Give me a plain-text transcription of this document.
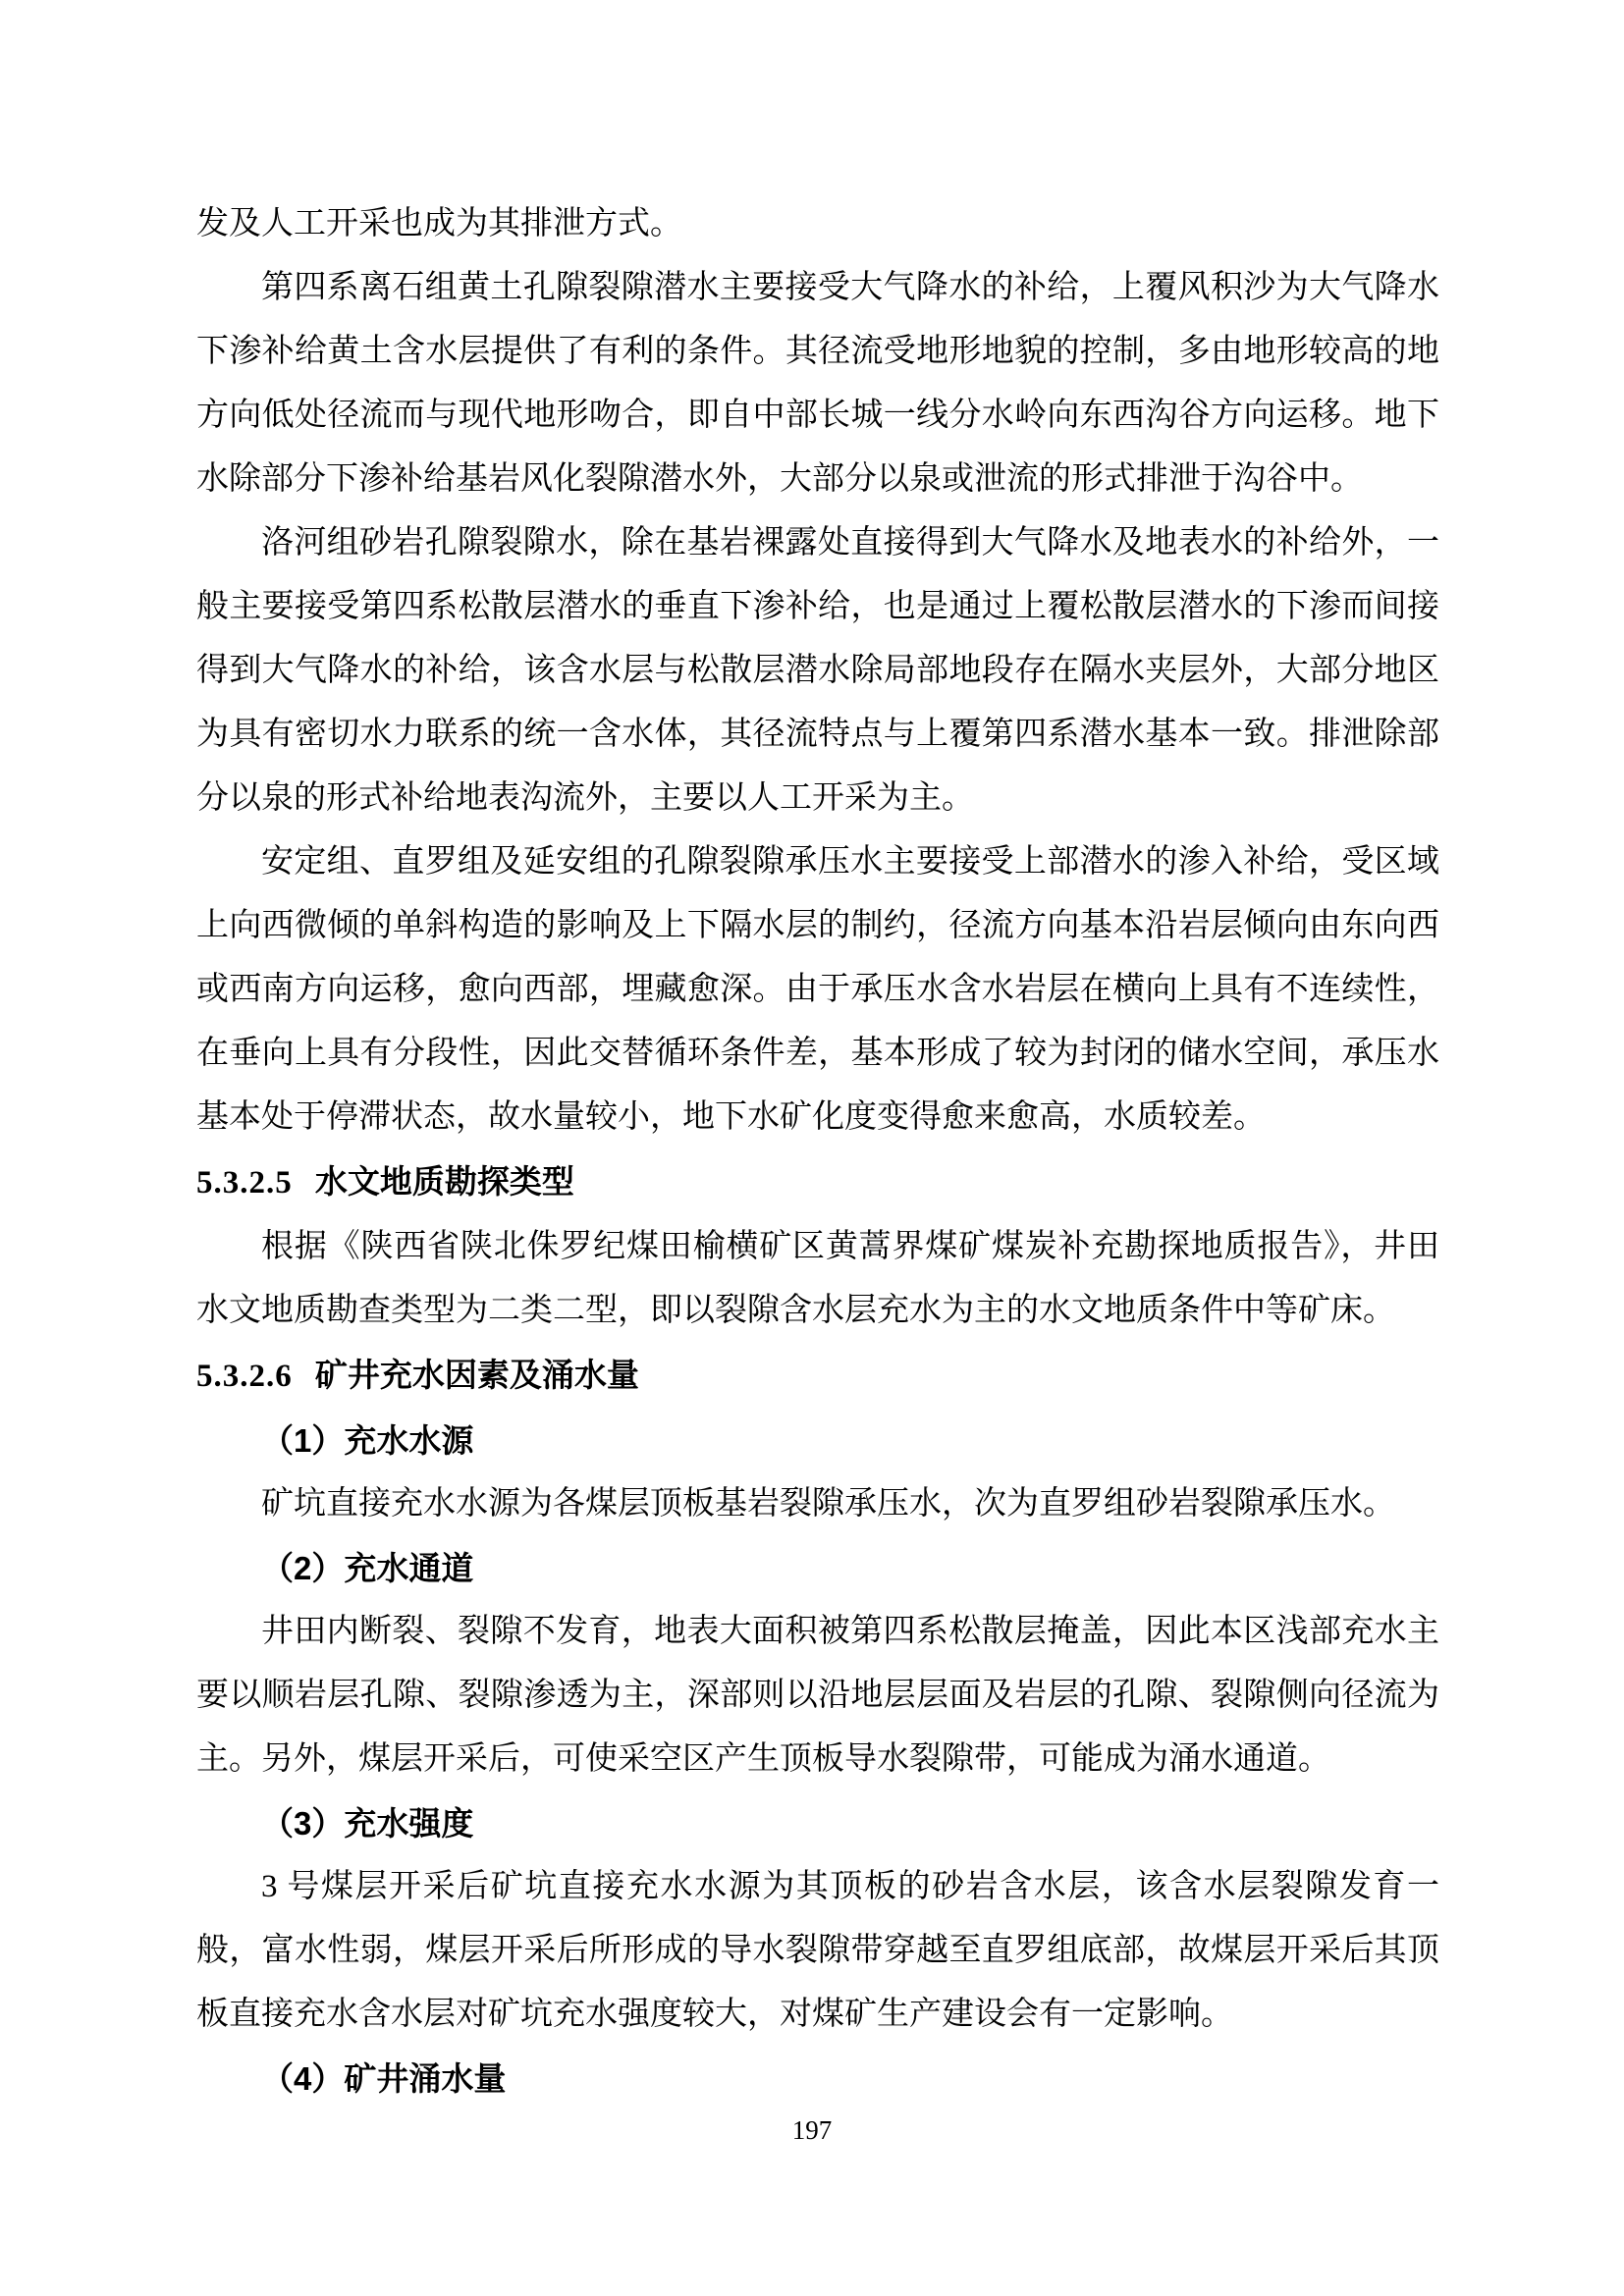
发及人工开采也成为其排泄方式。

第四系离石组黄土孔隙裂隙潜水主要接受大气降水的补给，上覆风积沙为大气降水下渗补给黄土含水层提供了有利的条件。其径流受地形地貌的控制，多由地形较高的地方向低处径流而与现代地形吻合，即自中部长城一线分水岭向东西沟谷方向运移。地下水除部分下渗补给基岩风化裂隙潜水外，大部分以泉或泄流的形式排泄于沟谷中。

洛河组砂岩孔隙裂隙水，除在基岩裸露处直接得到大气降水及地表水的补给外，一般主要接受第四系松散层潜水的垂直下渗补给，也是通过上覆松散层潜水的下渗而间接得到大气降水的补给，该含水层与松散层潜水除局部地段存在隔水夹层外，大部分地区为具有密切水力联系的统一含水体，其径流特点与上覆第四系潜水基本一致。排泄除部分以泉的形式补给地表沟流外，主要以人工开采为主。

安定组、直罗组及延安组的孔隙裂隙承压水主要接受上部潜水的渗入补给，受区域上向西微倾的单斜构造的影响及上下隔水层的制约，径流方向基本沿岩层倾向由东向西或西南方向运移，愈向西部，埋藏愈深。由于承压水含水岩层在横向上具有不连续性，在垂向上具有分段性，因此交替循环条件差，基本形成了较为封闭的储水空间，承压水基本处于停滞状态，故水量较小，地下水矿化度变得愈来愈高，水质较差。

5.3.2.5 水文地质勘探类型

根据《陕西省陕北侏罗纪煤田榆横矿区黄蒿界煤矿煤炭补充勘探地质报告》，井田水文地质勘查类型为二类二型，即以裂隙含水层充水为主的水文地质条件中等矿床。

5.3.2.6 矿井充水因素及涌水量
（1）充水水源

矿坑直接充水水源为各煤层顶板基岩裂隙承压水，次为直罗组砂岩裂隙承压水。

（2）充水通道

井田内断裂、裂隙不发育，地表大面积被第四系松散层掩盖，因此本区浅部充水主要以顺岩层孔隙、裂隙渗透为主，深部则以沿地层层面及岩层的孔隙、裂隙侧向径流为主。另外，煤层开采后，可使采空区产生顶板导水裂隙带，可能成为涌水通道。

（3）充水强度

3 号煤层开采后矿坑直接充水水源为其顶板的砂岩含水层，该含水层裂隙发育一般，富水性弱，煤层开采后所形成的导水裂隙带穿越至直罗组底部，故煤层开采后其顶板直接充水含水层对矿坑充水强度较大，对煤矿生产建设会有一定影响。

（4）矿井涌水量
197
